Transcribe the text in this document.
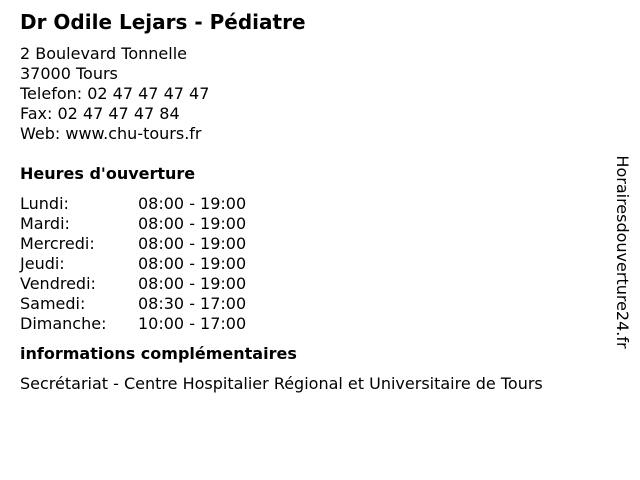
Dr Odile Lejars - Pédiatre
2 Boulevard Tonnelle
37000 Tours
Telefon: 02 47 47 47 47
Fax: 02 47 47 47 84
Web: www.chu-tours.fr
Heures d'ouverture
Lundi:	08:00 - 19:00
Mardi:	08:00 - 19:00
Mercredi:	08:00 - 19:00
Jeudi:	08:00 - 19:00
Vendredi:	08:00 - 19:00
Samedi:	08:30 - 17:00
Dimanche:	10:00 - 17:00
informations complémentaires
Secrétariat - Centre Hospitalier Régional et Universitaire de Tours
Horairesdouverture24.fr
